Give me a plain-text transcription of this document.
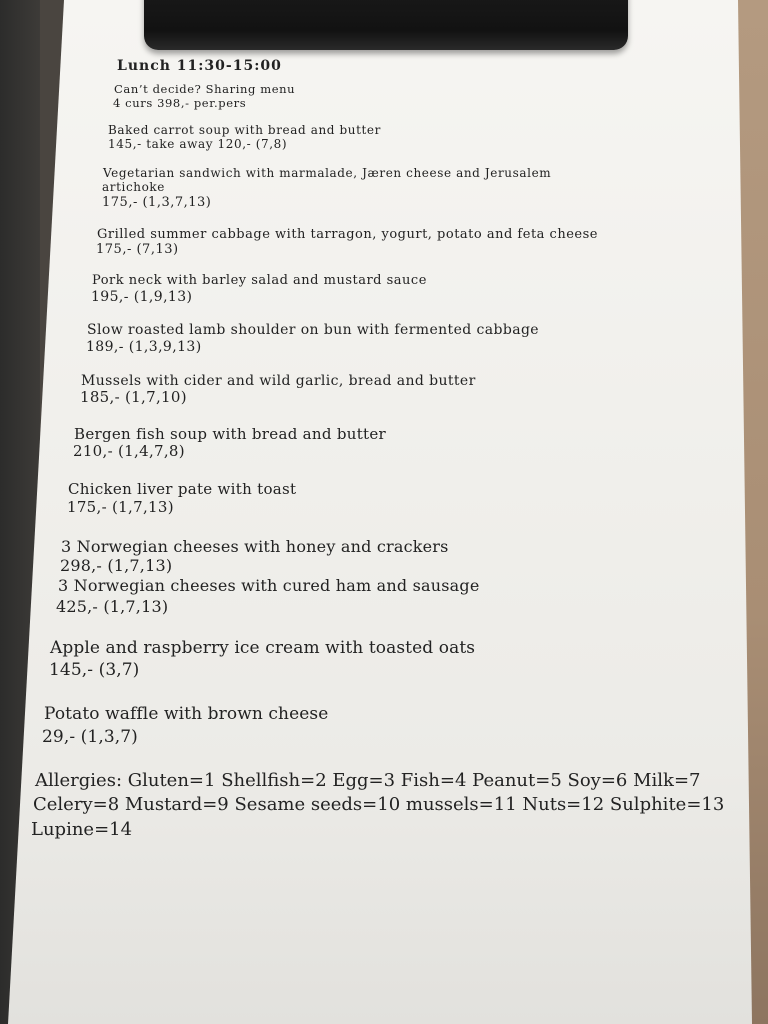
Lunch 11:30-15:00
Can’t decide? Sharing menu
4 curs 398,- per.pers
Baked carrot soup with bread and butter
145,- take away 120,- (7,8)
Vegetarian sandwich with marmalade, Jæren cheese and Jerusalem
artichoke
175,- (1,3,7,13)
Grilled summer cabbage with tarragon, yogurt, potato and feta cheese
175,- (7,13)
Pork neck with barley salad and mustard sauce
195,- (1,9,13)
Slow roasted lamb shoulder on bun with fermented cabbage
189,- (1,3,9,13)
Mussels with cider and wild garlic, bread and butter
185,- (1,7,10)
Bergen fish soup with bread and butter
210,- (1,4,7,8)
Chicken liver pate with toast
175,- (1,7,13)
3 Norwegian cheeses with honey and crackers
298,- (1,7,13)
3 Norwegian cheeses with cured ham and sausage
425,- (1,7,13)
Apple and raspberry ice cream with toasted oats
145,- (3,7)
Potato waffle with brown cheese
29,- (1,3,7)
Allergies: Gluten=1 Shellfish=2 Egg=3 Fish=4 Peanut=5 Soy=6 Milk=7
Celery=8 Mustard=9 Sesame seeds=10 mussels=11 Nuts=12 Sulphite=13
Lupine=14
